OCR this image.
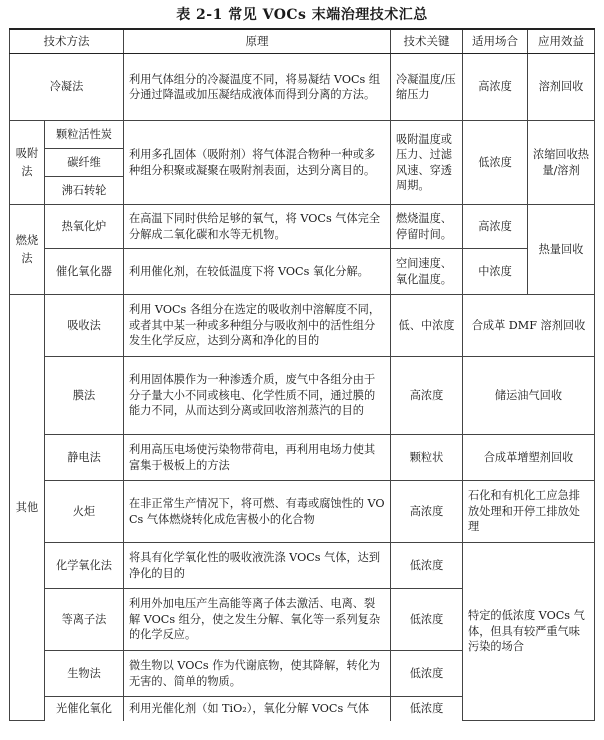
表 2-1 常见 VOCs 末端治理技术汇总
技术方法		原理	技术关键	适用场合	应用效益
冷凝法		利用气体组分的冷凝温度不同，将易凝结 VOCs 组分通过降温或加压凝结成液体而得到分离的方法。	冷凝温度/压缩压力	高浓度	溶剂回收
吸附法	颗粒活性炭	利用多孔固体（吸附剂）将气体混合物种一种或多种组分积聚或凝聚在吸附剂表面，达到分离目的。	吸附温度或压力、过滤风速、穿透周期。	低浓度	浓缩回收热量/溶剂
	碳纤维				
	沸石转轮				
燃烧法	热氧化炉	在高温下同时供给足够的氧气，将 VOCs 气体完全分解成二氧化碳和水等无机物。	燃烧温度、停留时间。	高浓度	热量回收
	催化氧化器	利用催化剂，在较低温度下将 VOCs 氧化分解。	空间速度、氧化温度。	中浓度	
其他	吸收法	利用 VOCs 各组分在选定的吸收剂中溶解度不同，或者其中某一种或多种组分与吸收剂中的活性组分发生化学反应，达到分离和净化的目的	低、中浓度	合成革 DMF 溶剂回收	
	膜法	利用固体膜作为一种渗透介质，废气中各组分由于分子量大小不同或核电、化学性质不同，通过膜的能力不同，从而达到分离或回收溶剂蒸汽的目的	高浓度	储运油气回收	
	静电法	利用高压电场使污染物带荷电，再利用电场力使其富集于极板上的方法	颗粒状	合成革增塑剂回收	
	火炬	在非正常生产情况下，将可燃、有毒或腐蚀性的 VOCs 气体燃烧转化成危害极小的化合物	高浓度	石化和有机化工应急排放处理和开停工排放处理	
	化学氧化法	将具有化学氧化性的吸收液洗涤 VOCs 气体，达到净化的目的	低浓度	特定的低浓度 VOCs 气体，但具有较严重气味污染的场合	
	等离子法	利用外加电压产生高能等离子体去激活、电离、裂解 VOCs 组分，使之发生分解、氧化等一系列复杂的化学反应。	低浓度		
	生物法	微生物以 VOCs 作为代谢底物，使其降解，转化为无害的、简单的物质。	低浓度		
	光催化氧化	利用光催化剂（如 TiO₂），氧化分解 VOCs 气体	低浓度		
